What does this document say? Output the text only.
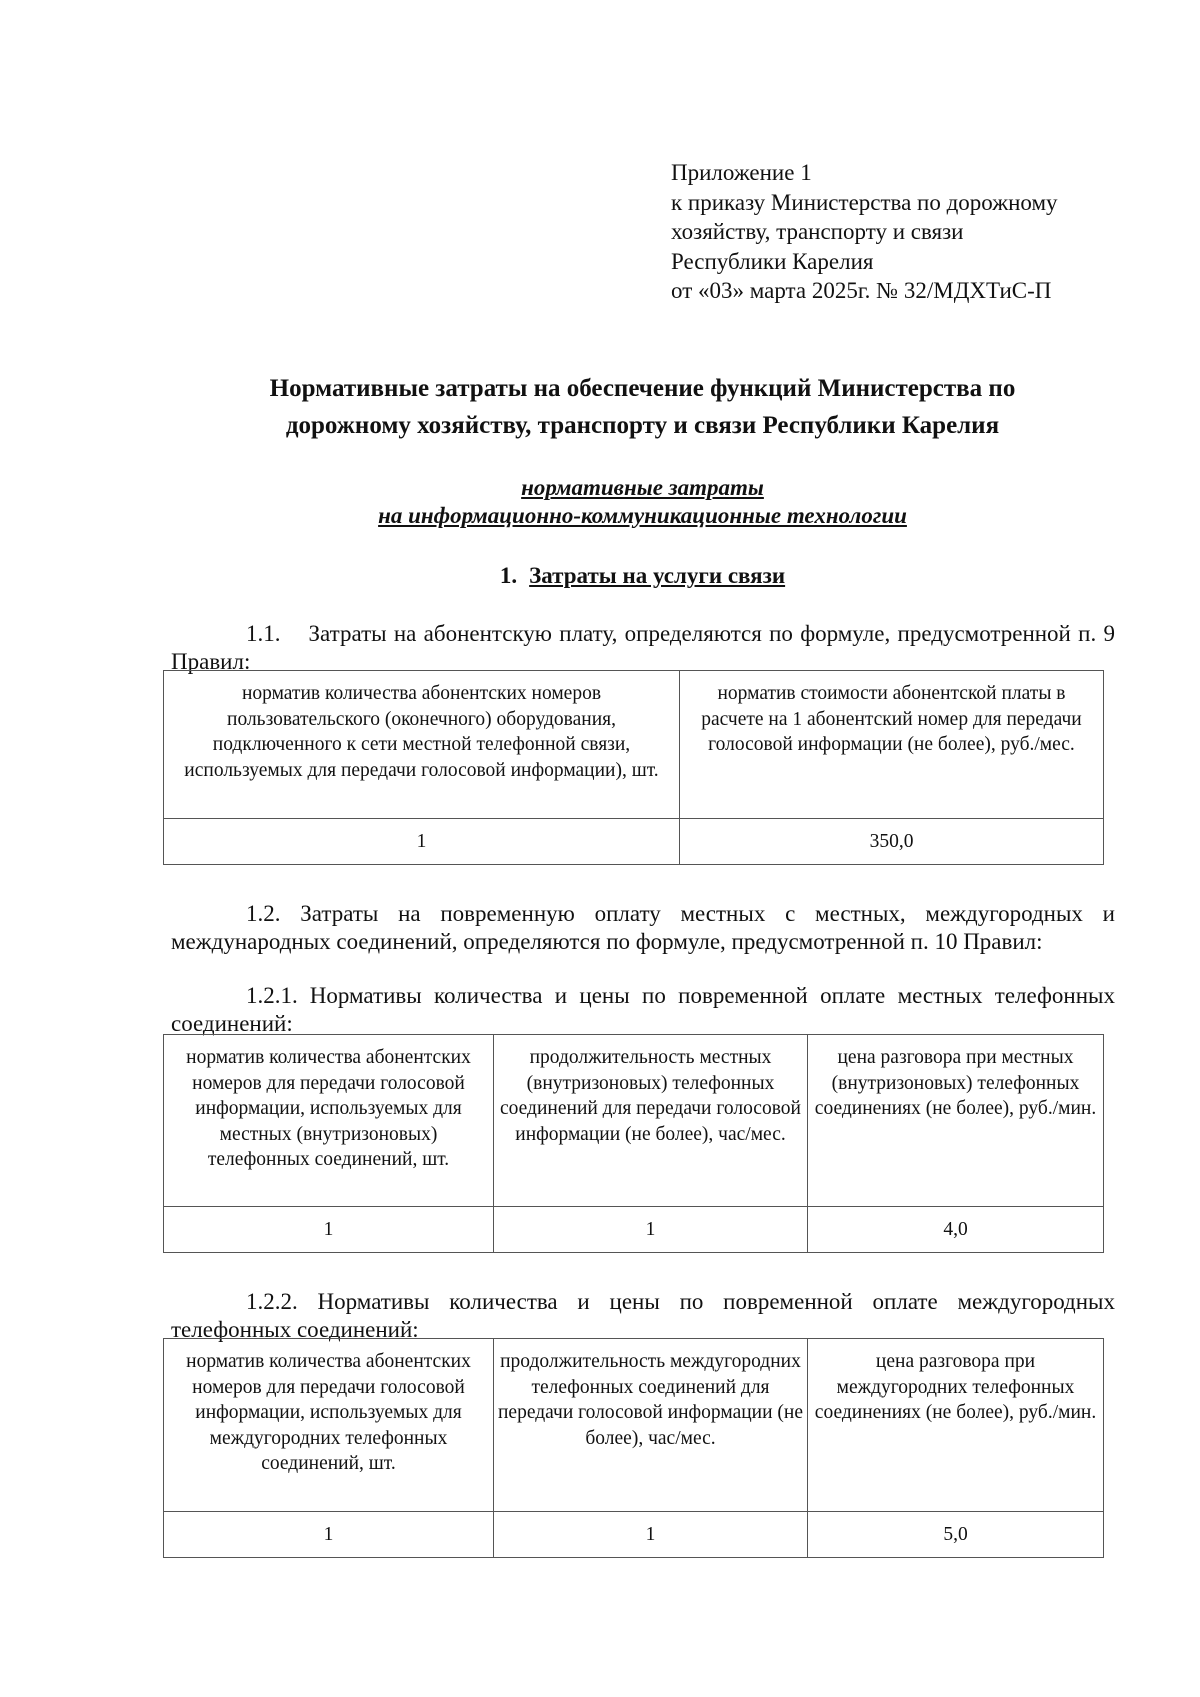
Приложение 1
к приказу Министерства по дорожному
хозяйству, транспорту и связи
Республики Карелия
от «03» марта 2025г. № 32/МДХТиС-П
Нормативные затраты на обеспечение функций Министерства по
дорожному хозяйству, транспорту и связи Республики Карелия
нормативные затраты
на информационно-коммуникационные технологии
1. Затраты на услуги связи
1.1. Затраты на абонентскую плату, определяются по формуле, предусмотренной п. 9 Правил:
норматив количества абонентских номеров пользовательского (оконечного) оборудования, подключенного к сети местной телефонной связи, используемых для передачи голосовой информации), шт.	норматив стоимости абонентской платы в расчете на 1 абонентский номер для передачи голосовой информации (не более), руб./мес.
1	350,0
1.2. Затраты на повременную оплату местных с местных, междугородных и международных соединений, определяются по формуле, предусмотренной п. 10 Правил:
1.2.1. Нормативы количества и цены по повременной оплате местных телефонных соединений:
норматив количества абонентских номеров для передачи голосовой информации, используемых для местных (внутризоновых) телефонных соединений, шт.	продолжительность местных (внутризоновых) телефонных соединений для передачи голосовой информации (не более), час/мес.	цена разговора при местных (внутризоновых) телефонных соединениях (не более), руб./мин.
1	1	4,0
1.2.2. Нормативы количества и цены по повременной оплате междугородных телефонных соединений:
норматив количества абонентских номеров для передачи голосовой информации, используемых для междугородних телефонных соединений, шт.	продолжительность междугородних телефонных соединений для передачи голосовой информации (не более), час/мес.	цена разговора при междугородних телефонных соединениях (не более), руб./мин.
1	1	5,0
